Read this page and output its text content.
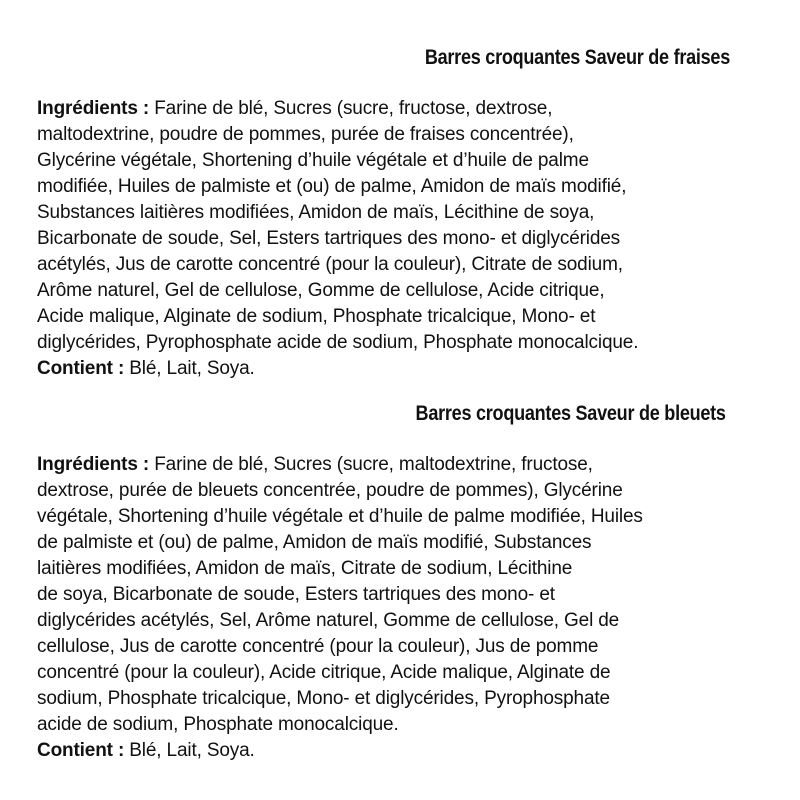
Barres croquantes Saveur de fraises
Ingrédients : Farine de blé, Sucres (sucre, fructose, dextrose,
maltodextrine, poudre de pommes, purée de fraises concentrée),
Glycérine végétale, Shortening d’huile végétale et d’huile de palme
modifiée, Huiles de palmiste et (ou) de palme, Amidon de maïs modifié,
Substances laitières modifiées, Amidon de maïs, Lécithine de soya,
Bicarbonate de soude, Sel, Esters tartriques des mono- et diglycérides
acétylés, Jus de carotte concentré (pour la couleur), Citrate de sodium,
Arôme naturel, Gel de cellulose, Gomme de cellulose, Acide citrique,
Acide malique, Alginate de sodium, Phosphate tricalcique, Mono- et
diglycérides, Pyrophosphate acide de sodium, Phosphate monocalcique.
Contient : Blé, Lait, Soya.
Barres croquantes Saveur de bleuets
Ingrédients : Farine de blé, Sucres (sucre, maltodextrine, fructose,
dextrose, purée de bleuets concentrée, poudre de pommes), Glycérine
végétale, Shortening d’huile végétale et d’huile de palme modifiée, Huiles
de palmiste et (ou) de palme, Amidon de maïs modifié, Substances
laitières modifiées, Amidon de maïs, Citrate de sodium, Lécithine
de soya, Bicarbonate de soude, Esters tartriques des mono- et
diglycérides acétylés, Sel, Arôme naturel, Gomme de cellulose, Gel de
cellulose, Jus de carotte concentré (pour la couleur), Jus de pomme
concentré (pour la couleur), Acide citrique, Acide malique, Alginate de
sodium, Phosphate tricalcique, Mono- et diglycérides, Pyrophosphate
acide de sodium, Phosphate monocalcique.
Contient : Blé, Lait, Soya.
